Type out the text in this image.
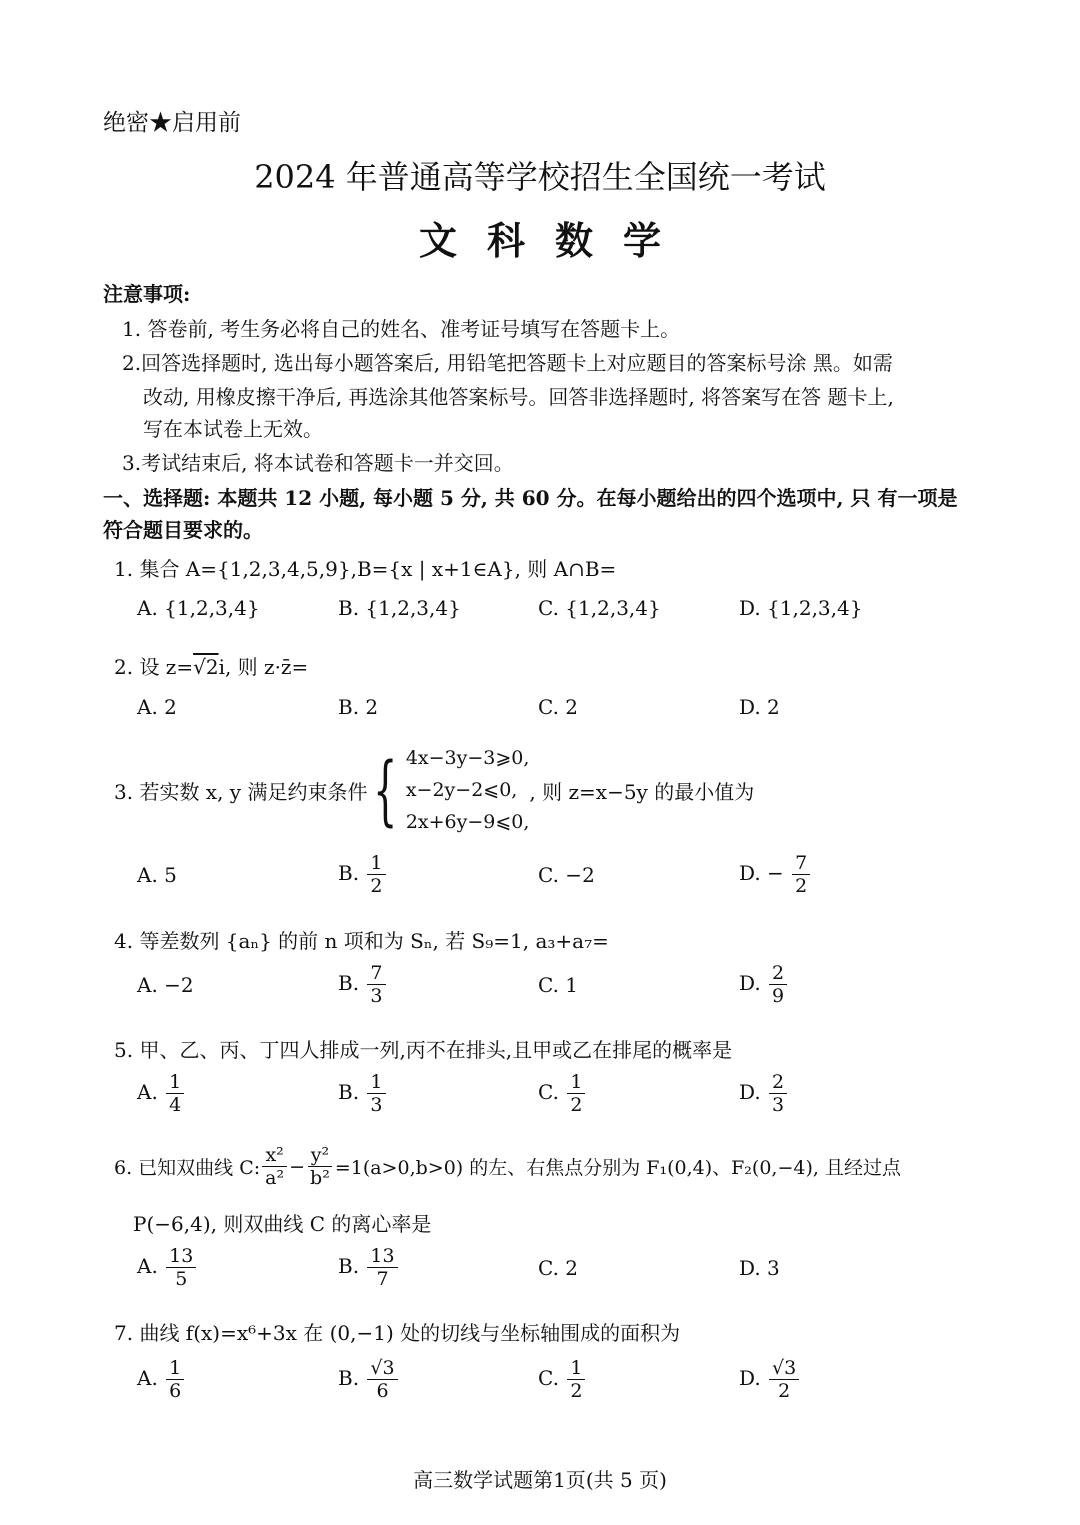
绝密★启用前
2024 年普通高等学校招生全国统一考试
文科数学
注意事项:
1. 答卷前, 考生务必将自己的姓名、准考证号填写在答题卡上。
2.回答选择题时, 选出每小题答案后, 用铅笔把答题卡上对应题目的答案标号涂 黑。如需
改动, 用橡皮擦干净后, 再选涂其他答案标号。回答非选择题时, 将答案写在答 题卡上,
写在本试卷上无效。
3.考试结束后, 将本试卷和答题卡一并交回。
一、选择题: 本题共 12 小题, 每小题 5 分, 共 60 分。在每小题给出的四个选项中, 只 有一项是
符合题目要求的。
1. 集合 A={1,2,3,4,5,9},B={x | x+1∈A}, 则 A∩B=
A. {1,2,3,4}	B. {1,2,3,4}	C. {1,2,3,4}	D. {1,2,3,4}
2. 设 z=√2i, 则 z·z̄=
A. 2	B. 2	C. 2	D. 2
3. 若实数 x, y 满足约束条件 { 4x−3y−3⩾0,
x−2y−2⩽0,
2x+6y−9⩽0,
, 则 z=x−5y 的最小值为
A. 5	B. $\frac{1}{2}$	C. −2	D. − $\frac{7}{2}$
4. 等差数列 {aₙ} 的前 n 项和为 Sₙ, 若 S₉=1, a₃+a₇=
A. −2	B. $\frac{7}{3}$	C. 1	D. $\frac{2}{9}$
5. 甲、乙、丙、丁四人排成一列,丙不在排头,且甲或乙在排尾的概率是
A. $\frac{1}{4}$	B. $\frac{1}{3}$	C. $\frac{1}{2}$	D. $\frac{2}{3}$
6. 已知双曲线 C: $\frac{\text{x²}}{\text{a²}} - \frac{\text{y²}}{\text{b²}} =1(a>0,b>0)$ 的左、右焦点分别为 F₁(0,4)、F₂(0,−4), 且经过点
P(−6,4), 则双曲线 C 的离心率是
A. $\frac{13}{5}$	B. $\frac{13}{7}$	C. 2	D. 3
7. 曲线 f(x)=x⁶+3x 在 (0,−1) 处的切线与坐标轴围成的面积为
A. $\frac{1}{6}$	B. $\frac{√3}{6}$	C. $\frac{1}{2}$	D. $\frac{√3}{2}$
高三数学试题第1页(共 5 页)
